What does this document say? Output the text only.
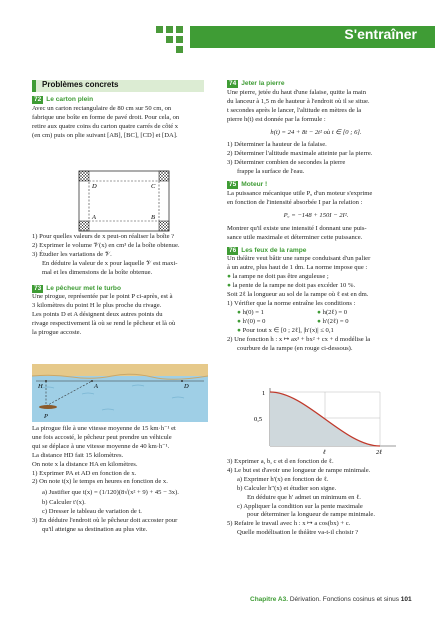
S'entraîner
Problèmes concrets

72 Le carton plein

Avec un carton rectangulaire de 80 cm sur 50 cm, on

fabrique une boîte en forme de pavé droit. Pour cela, on

retire aux quatre coins du carton quatre carrés de côté x

(en cm) puis on plie suivant [AB], [BC], [CD] et [DA].

D	C
A	B

1) Pour quelles valeurs de x peut-on réaliser la boîte ?

2) Exprimer le volume 𝒱(x) en cm³ de la boîte obtenue.

3) Étudier les variations de 𝒱.

En déduire la valeur de x pour laquelle 𝒱 est maxi-

mal et les dimensions de la boîte obtenue.

73 Le pêcheur met le turbo

Une pirogue, représentée par le point P ci-après, est à

3 kilomètres du point H le plus proche du rivage.

Les points D et A désignent deux autres points du

rivage respectivement là où se rend le pêcheur et là où

la pirogue accoste.

H	A	D
P

La pirogue file à une vitesse moyenne de 15 km·h⁻¹ et

une fois accosté, le pêcheur peut prendre un véhicule

qui se déplace à une vitesse moyenne de 40 km·h⁻¹.

La distance HD fait 15 kilomètres.

On note x la distance HA en kilomètres.

1) Exprimer PA et AD en fonction de x.

2) On note t(x) le temps en heures en fonction de x.

a) Justifier que t(x) = (1/120)(8√(x² + 9) + 45 − 3x).

b) Calculer t′(x).

c) Dresser le tableau de variation de t.

3) En déduire l'endroit où le pêcheur doit accoster pour

qu'il atteigne sa destination au plus vite.

74 Jeter la pierre

Une pierre, jetée du haut d'une falaise, quitte la main

du lanceur à 1,5 m de hauteur à l'endroit où il se situe.

t secondes après le lancer, l'altitude en mètres de la

pierre h(t) est donnée par la formule :

h(t) = 24 + 8t − 2t² où t ∈ [0 ; 6].

1) Déterminer la hauteur de la falaise.

2) Déterminer l'altitude maximale atteinte par la pierre.

3) Déterminer combien de secondes la pierre

frappe la surface de l'eau.

75 Moteur !

La puissance mécanique utile Pᵤ d'un moteur s'exprime

en fonction de l'intensité absorbée I par la relation :

Pᵤ = −148 + 150I − 2I².

Montrer qu'il existe une intensité I donnant une puis-

sance utile maximale et déterminer cette puissance.

76 Les feux de la rampe

Un théâtre veut bâtir une rampe conduisant d'un palier

à un autre, plus haut de 1 dm. La norme impose que :

● la rampe ne doit pas être anguleuse ;

● la pente de la rampe ne doit pas excéder 10 %.

Soit 2ℓ la longueur au sol de la rampe où ℓ est en dm.

1) Vérifier que la norme entraîne les conditions :

● h(0) = 1	● h(2ℓ) = 0
● h′(0) = 0	● h′(2ℓ) = 0
● Pour tout x ∈ [0 ; 2ℓ], |h′(x)| ≤ 0,1

2) Une fonction h : x ↦ ax³ + bx² + cx + d modélise la

courbure de la rampe (en rouge ci-dessous).

1
0,5
ℓ	2ℓ

3) Exprimer a, b, c et d en fonction de ℓ.

4) Le but est d'avoir une longueur de rampe minimale.

a) Exprimer h′(x) en fonction de ℓ.

b) Calculer h″(x) et étudier son signe.

En déduire que h′ admet un minimum en ℓ.

c) Appliquer la condition sur la pente maximale

pour déterminer la longueur de rampe minimale.

5) Refaire le travail avec h : x ↦ a cos(bx) + c.

Quelle modélisation le théâtre va-t-il choisir ?

Chapitre A3. Dérivation. Fonctions cosinus et sinus 101
